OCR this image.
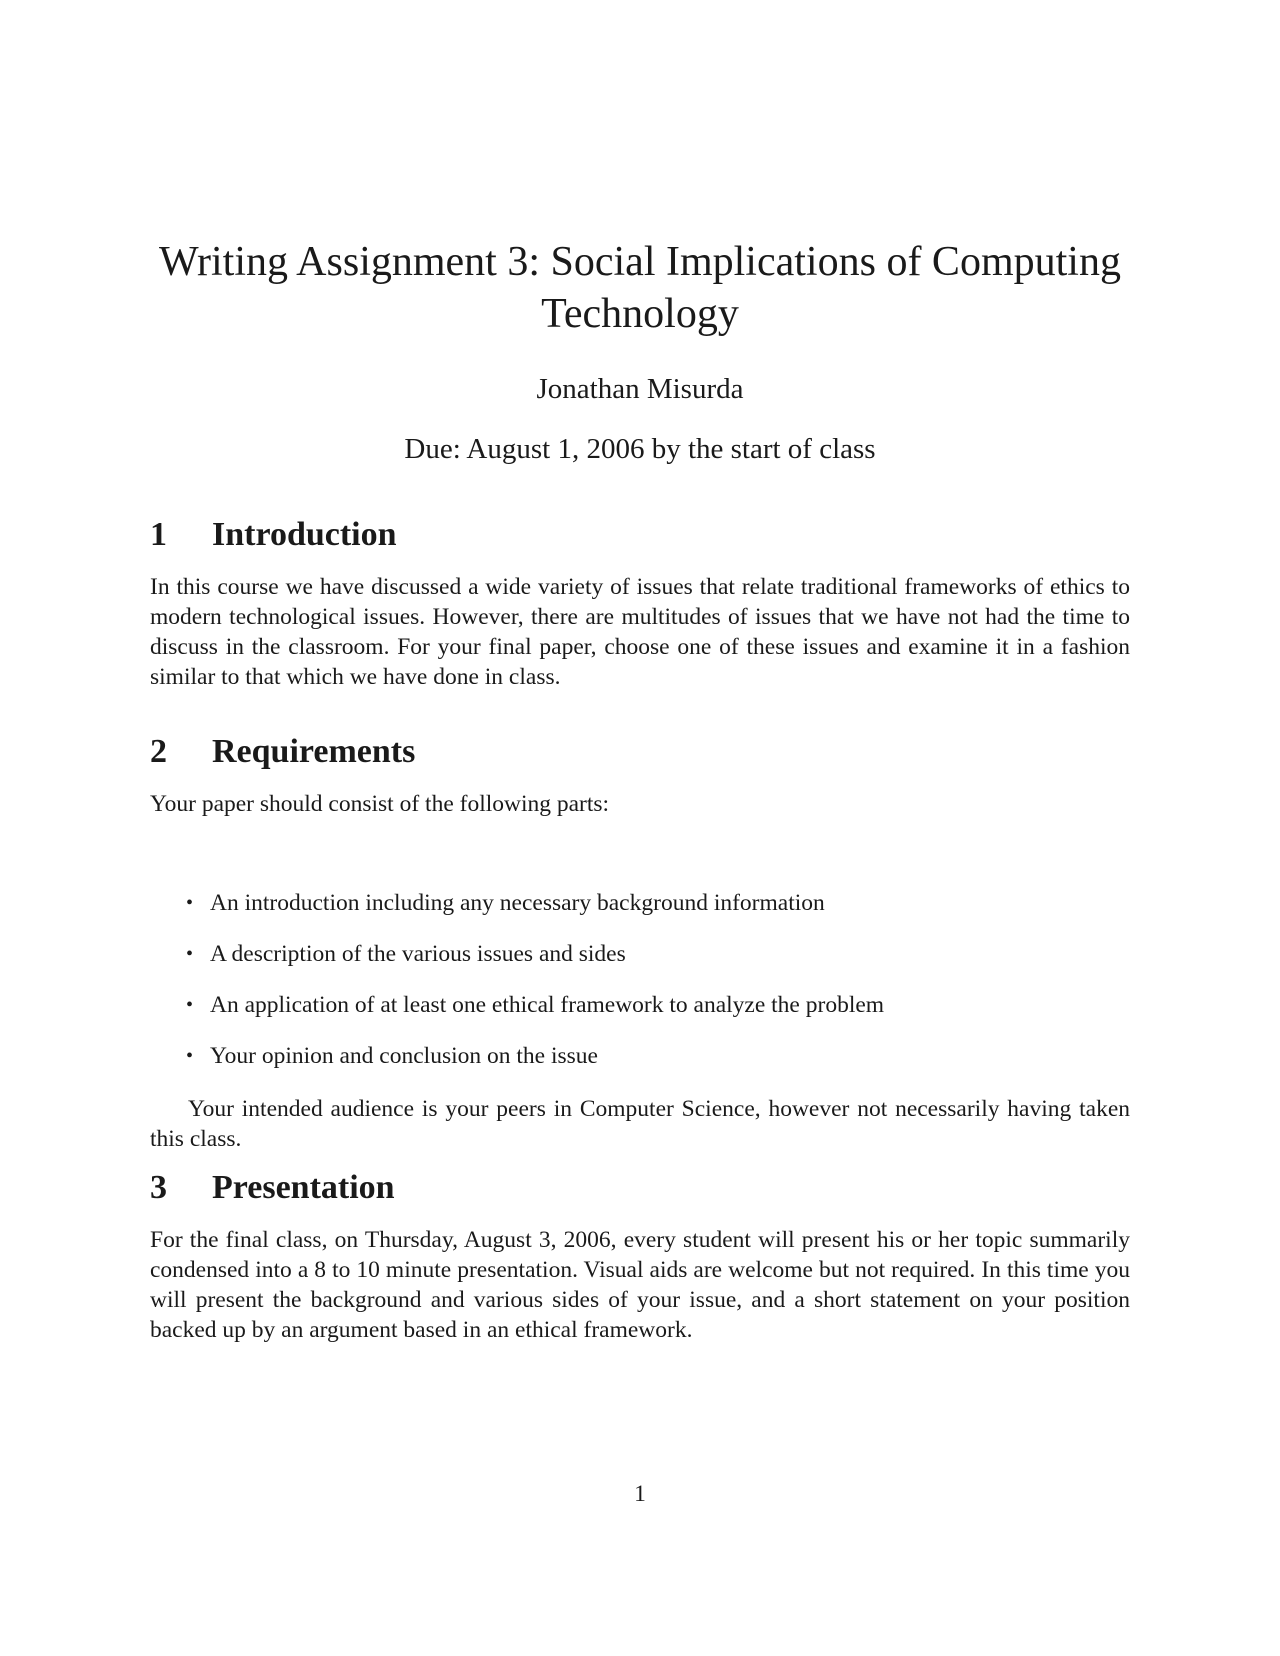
Writing Assignment 3: Social Implications of Computing Technology

Jonathan Misurda

Due: August 1, 2006 by the start of class

1	Introduction

In this course we have discussed a wide variety of issues that relate traditional frameworks of ethics to modern technological issues. However, there are multitudes of issues that we have not had the time to discuss in the classroom. For your final paper, choose one of these issues and examine it in a fashion similar to that which we have done in class.

2	Requirements

Your paper should consist of the following parts:

• An introduction including any necessary background information
• A description of the various issues and sides
• An application of at least one ethical framework to analyze the problem
• Your opinion and conclusion on the issue

Your intended audience is your peers in Computer Science, however not necessarily having taken this class.

3	Presentation

For the final class, on Thursday, August 3, 2006, every student will present his or her topic summarily condensed into a 8 to 10 minute presentation. Visual aids are welcome but not required. In this time you will present the background and various sides of your issue, and a short statement on your position backed up by an argument based in an ethical framework.

1
